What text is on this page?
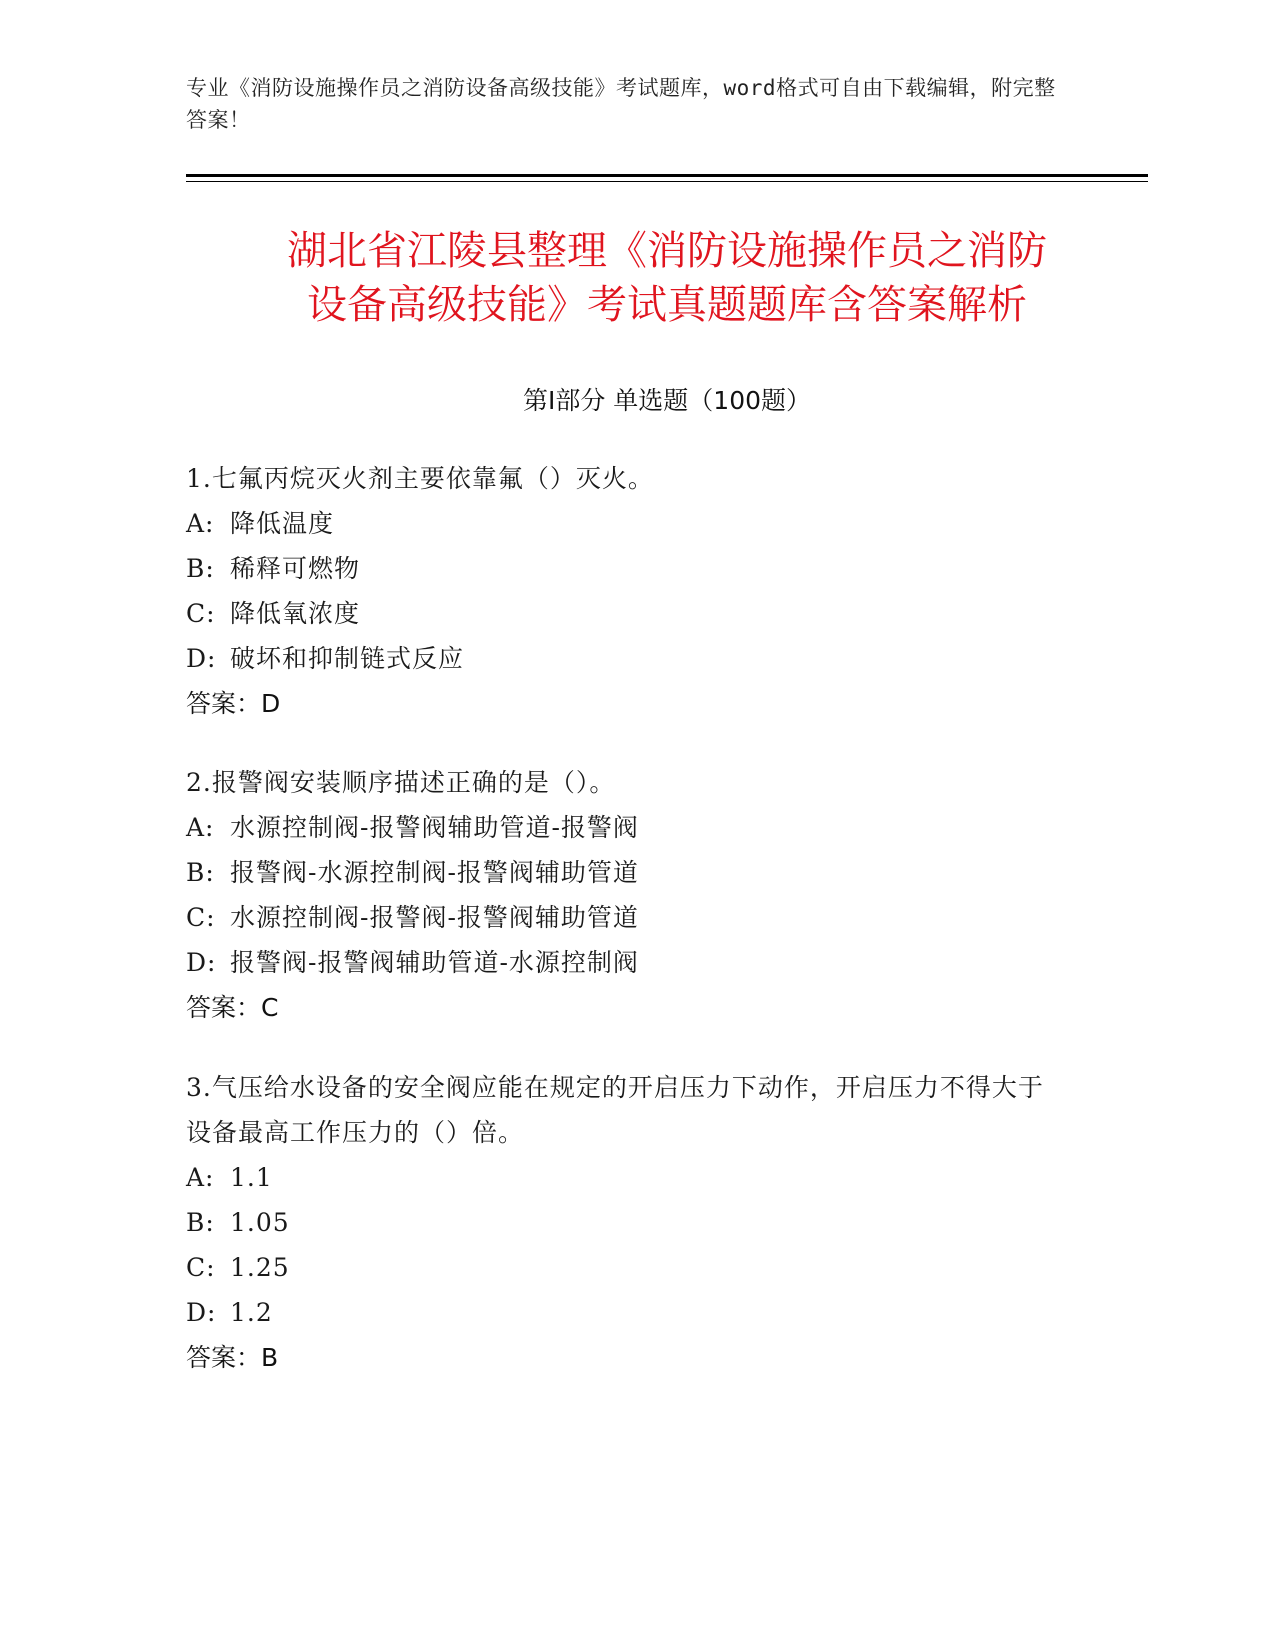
专业《消防设施操作员之消防设备高级技能》考试题库，word格式可自由下载编辑，附完整答案！
湖北省江陵县整理《消防设施操作员之消防
设备高级技能》考试真题题库含答案解析
第Ⅰ部分 单选题（100题）
1.七氟丙烷灭火剂主要依靠氟（）灭火。
A: 降低温度
B: 稀释可燃物
C: 降低氧浓度
D: 破坏和抑制链式反应
答案：D
2.报警阀安装顺序描述正确的是（）。
A: 水源控制阀-报警阀辅助管道-报警阀
B: 报警阀-水源控制阀-报警阀辅助管道
C: 水源控制阀-报警阀-报警阀辅助管道
D: 报警阀-报警阀辅助管道-水源控制阀
答案：C
3.气压给水设备的安全阀应能在规定的开启压力下动作，开启压力不得大于设备最高工作压力的（）倍。
A: 1.1
B: 1.05
C: 1.25
D: 1.2
答案：B
